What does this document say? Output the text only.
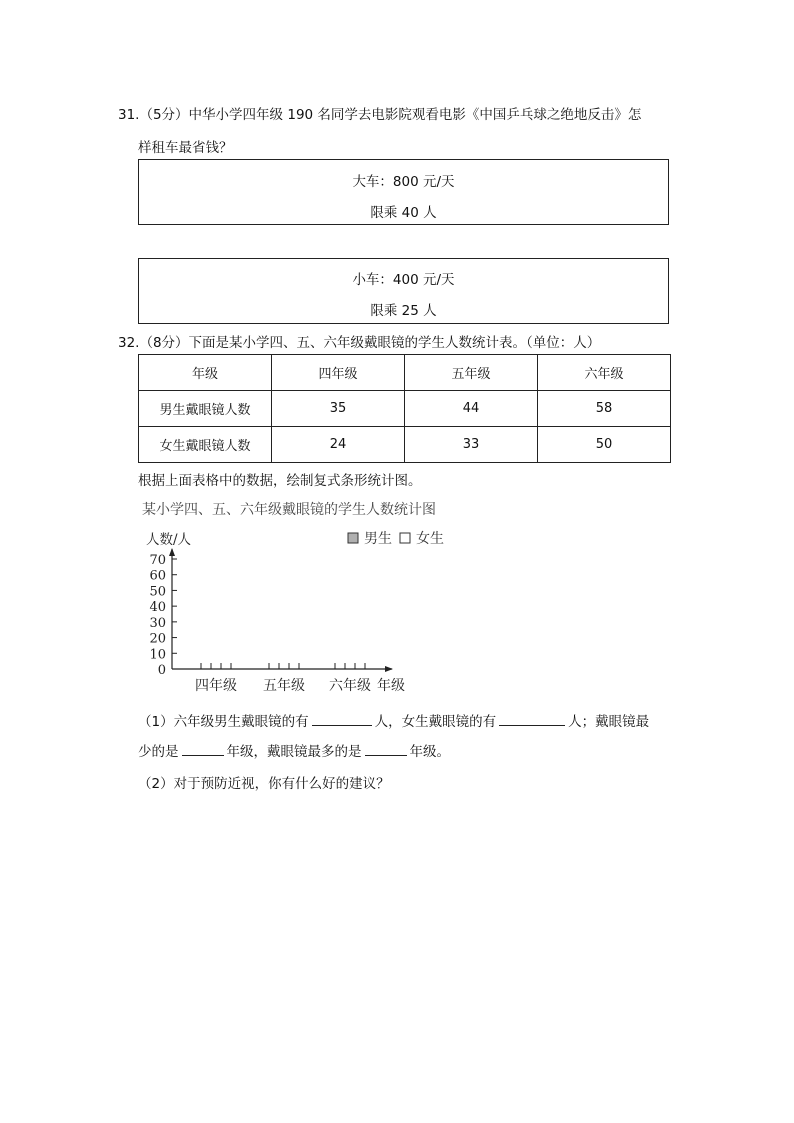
31.（5分）中华小学四年级 190 名同学去电影院观看电影《中国乒乓球之绝地反击》怎
样租车最省钱？
大车：800 元/天
限乘 40 人
小车：400 元/天
限乘 25 人
32.（8分）下面是某小学四、五、六年级戴眼镜的学生人数统计表。（单位：人）
年级	四年级	五年级	六年级
男生戴眼镜人数	35	44	58
女生戴眼镜人数	24	33	50
根据上面表格中的数据，绘制复式条形统计图。
某小学四、五、六年级戴眼镜的学生人数统计图
人数/人	男生 女生
0
10
20
30
40
50
60
70
四年级 五年级 六年级 年级
（1）六年级男生戴眼镜的有	人，女生戴眼镜的有	人；戴眼镜最
少的是	年级，戴眼镜最多的是	年级。
（2）对于预防近视，你有什么好的建议？
